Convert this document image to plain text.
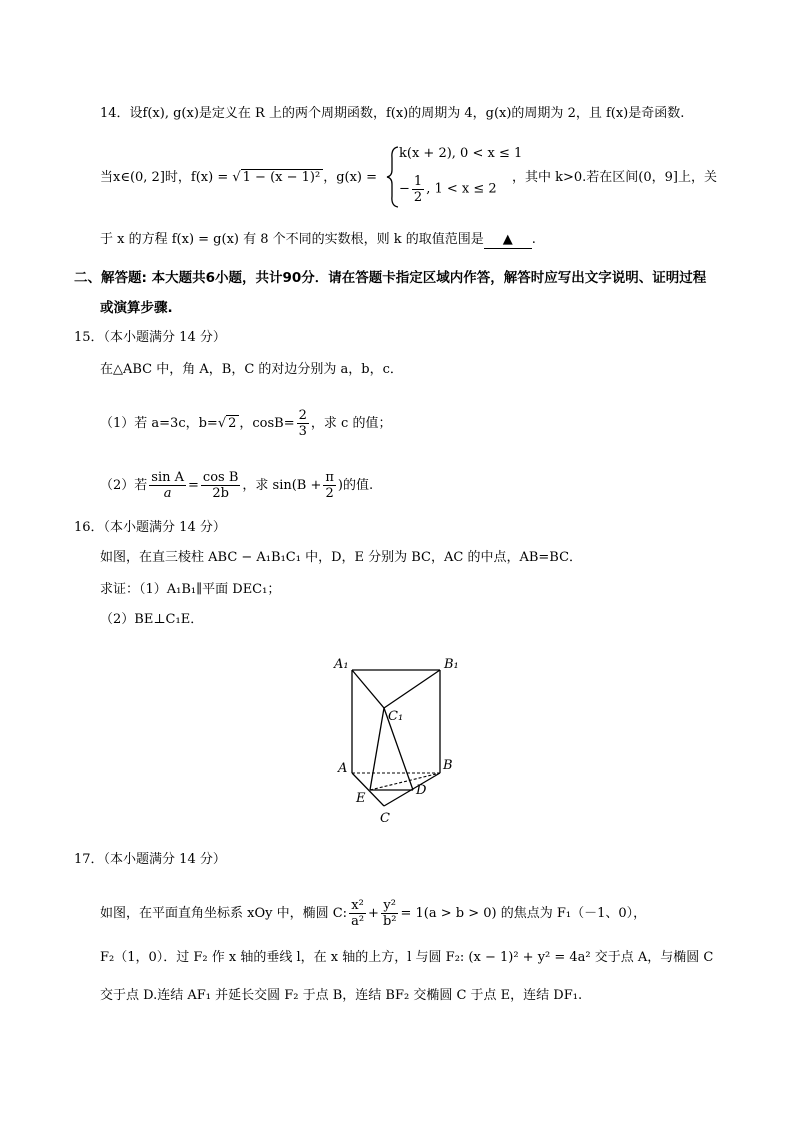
14．设f(x), g(x)是定义在 R 上的两个周期函数，f(x)的周期为 4，g(x)的周期为 2，且 f(x)是奇函数.
当x∈(0, 2]时，f(x) = √ 1 − (x − 1)² ，g(x) =
k(x + 2), 0 < x ≤ 1
− $\frac{1}{2}$ , 1 < x ≤ 2
，其中 k>0.若在区间(0，9]上，关
于 x 的方程 f(x) = g(x) 有 8 个不同的实数根，则 k 的取值范围是 ▲ .
二、解答题: 本大题共6小题，共计90分．请在答题卡指定区域内作答，解答时应写出文字说明、证明过程
或演算步骤.
15．（本小题满分 14 分）
在△ABC 中，角 A，B，C 的对边分别为 a，b，c．
（1）若 a=3c，b=√ 2 ，$\cos B= \frac{2}{3}$ ，求 c 的值；
（2）若 $\frac{\text{sin A}}{a} = \frac{\text{cos B}}{2b}$ ，求 $\sin(B + \frac{\pi}{2}$ )的值.
16．（本小题满分 14 分）
如图，在直三棱柱 ABC − A₁B₁C₁ 中，D，E 分别为 BC，AC 的中点，AB=BC．
求证：（1）A₁B₁∥平面 DEC₁；
（2）BE⊥C₁E．
A₁	B₁
C₁
A	B
E
D
C
17．（本小题满分 14 分）
如图，在平面直角坐标系 xOy 中，椭圆 C: $\frac{\text{x²}}{\text{a²}} + \frac{\text{y²}}{\text{b²}} = 1(a > b > 0)$ 的焦点为 F₁（－1、0），
F₂（1，0）．过 F₂ 作 x 轴的垂线 l，在 x 轴的上方，l 与圆 F₂: (x − 1)² + y² = 4a² 交于点 A，与椭圆 C
交于点 D.连结 AF₁ 并延长交圆 F₂ 于点 B，连结 BF₂ 交椭圆 C 于点 E，连结 DF₁.
